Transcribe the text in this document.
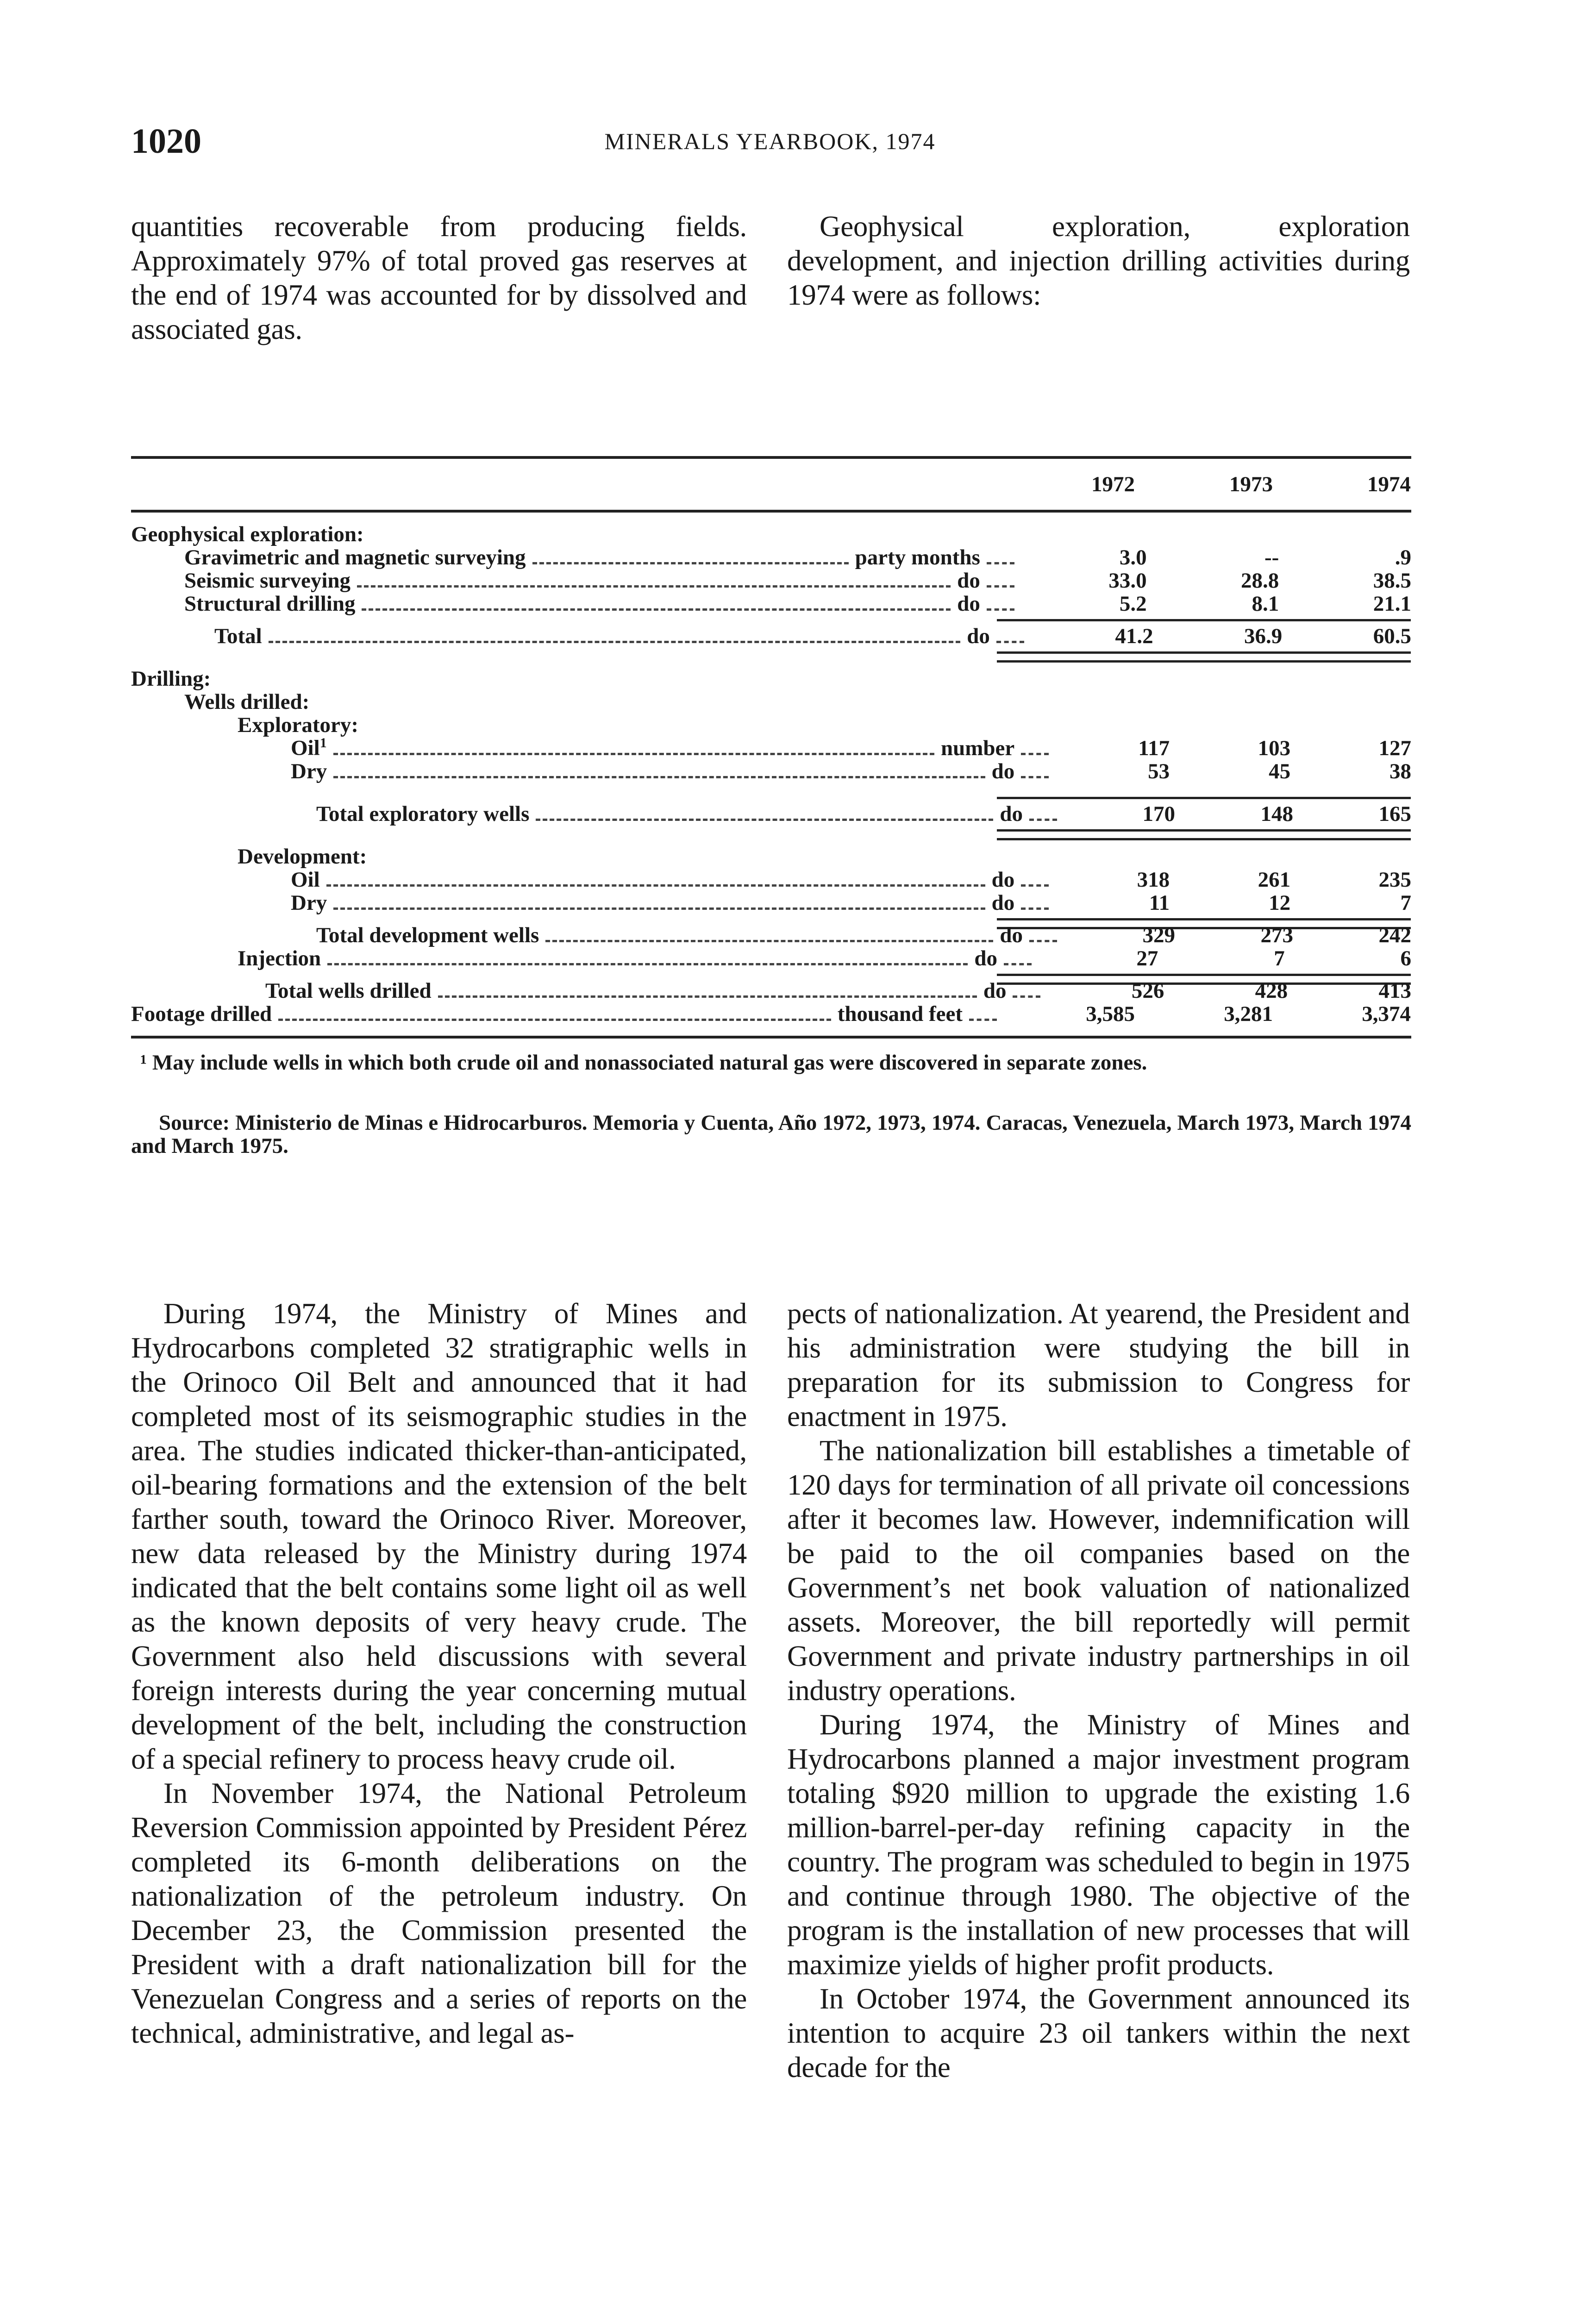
1020	MINERALS YEARBOOK, 1974

quantities recoverable from producing fields. Approximately 97% of total proved gas reserves at the end of 1974 was accounted for by dissolved and associated gas.

Geophysical exploration, exploration development, and injection drilling activities during 1974 were as follows:

1972	1973	1974
Geophysical exploration:
Gravimetric and magnetic surveying	party months	3.0	--	.9
Seismic surveying	do	33.0	28.8	38.5
Structural drilling	do	5.2	8.1	21.1
Total	do	41.2	36.9	60.5
Drilling:
Wells drilled:
Exploratory:
Oil$^1$	number	117	103	127
Dry	do	53	45	38
Total exploratory wells	do	170	148	165
Development:
Oil	do	318	261	235
Dry	do	11	12	7
Total development wells	do	329	273	242
Injection	do	27	7	6
Total wells drilled	do	526	428	413
Footage drilled	thousand feet	3,585	3,281	3,374
¹ May include wells in which both crude oil and nonassociated natural gas were discovered in separate zones.
Source: Ministerio de Minas e Hidrocarburos. Memoria y Cuenta, Año 1972, 1973, 1974. Caracas, Venezuela, March 1973, March 1974 and March 1975.

During 1974, the Ministry of Mines and Hydrocarbons completed 32 stratigraphic wells in the Orinoco Oil Belt and announced that it had completed most of its seismographic studies in the area. The studies indicated thicker-than-anticipated, oil-bearing formations and the extension of the belt farther south, toward the Orinoco River. Moreover, new data released by the Ministry during 1974 indicated that the belt contains some light oil as well as the known deposits of very heavy crude. The Government also held discussions with several foreign interests during the year concerning mutual development of the belt, including the construction of a special refinery to process heavy crude oil.

In November 1974, the National Petroleum Reversion Commission appointed by President Pérez completed its 6-month deliberations on the nationalization of the petroleum industry. On December 23, the Commission presented the President with a draft nationalization bill for the Venezuelan Congress and a series of reports on the technical, administrative, and legal as-

pects of nationalization. At yearend, the President and his administration were studying the bill in preparation for its submission to Congress for enactment in 1975.

The nationalization bill establishes a timetable of 120 days for termination of all private oil concessions after it becomes law. However, indemnification will be paid to the oil companies based on the Government’s net book valuation of nationalized assets. Moreover, the bill reportedly will permit Government and private industry partnerships in oil industry operations.

During 1974, the Ministry of Mines and Hydrocarbons planned a major investment program totaling $920 million to upgrade the existing 1.6 million-barrel-per-day refining capacity in the country. The program was scheduled to begin in 1975 and continue through 1980. The objective of the program is the installation of new processes that will maximize yields of higher profit products.

In October 1974, the Government announced its intention to acquire 23 oil tankers within the next decade for the
